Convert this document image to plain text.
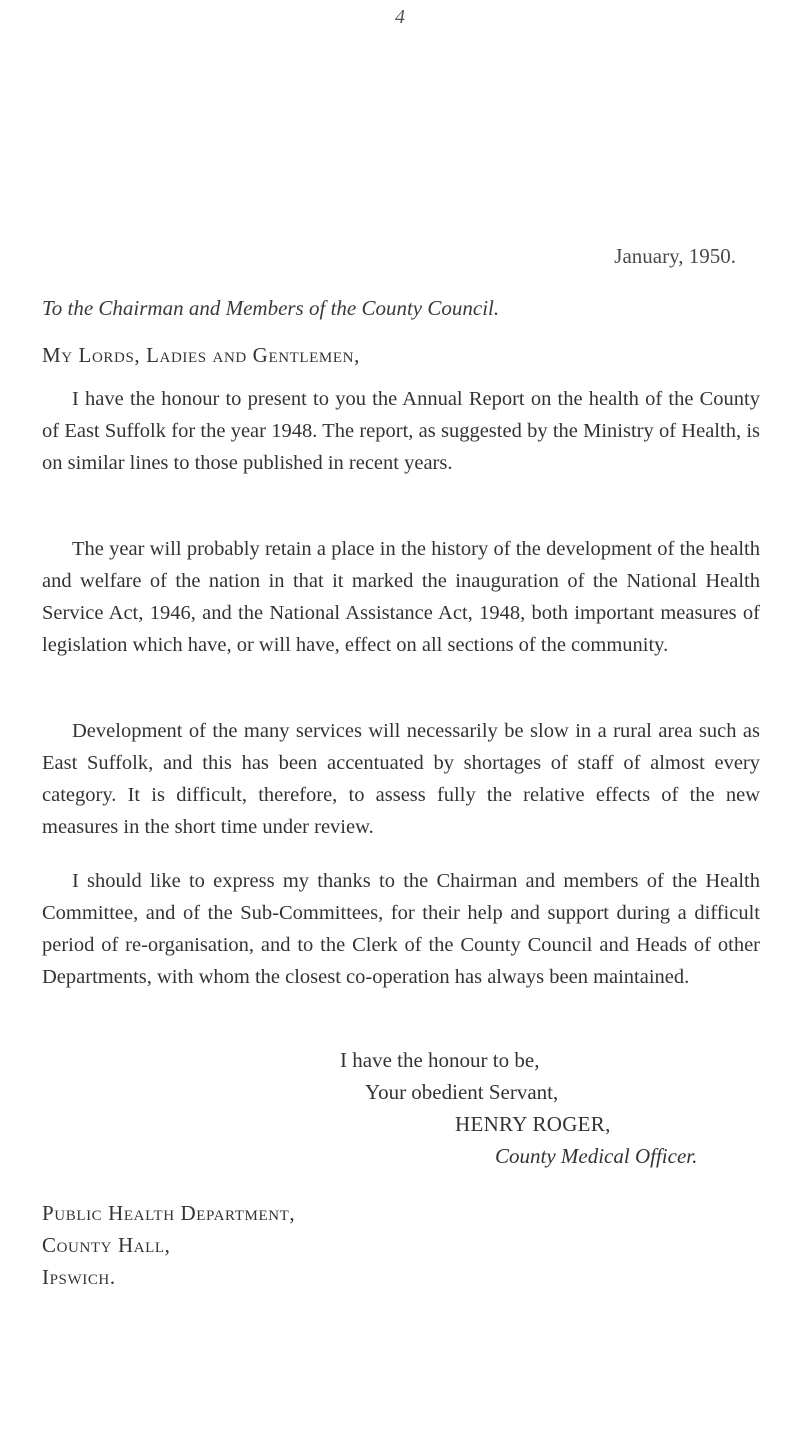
4
January, 1950.
To the Chairman and Members of the County Council.
My Lords, Ladies and Gentlemen,

I have the honour to present to you the Annual Report on the health of the County of East Suffolk for the year 1948. The report, as suggested by the Ministry of Health, is on similar lines to those published in recent years.

The year will probably retain a place in the history of the development of the health and welfare of the nation in that it marked the inauguration of the National Health Service Act, 1946, and the National Assistance Act, 1948, both important measures of legislation which have, or will have, effect on all sections of the community.

Development of the many services will necessarily be slow in a rural area such as East Suffolk, and this has been accentuated by shortages of staff of almost every category. It is difficult, therefore, to assess fully the relative effects of the new measures in the short time under review.

I should like to express my thanks to the Chairman and members of the Health Committee, and of the Sub-Committees, for their help and support during a difficult period of re-organisation, and to the Clerk of the County Council and Heads of other Departments, with whom the closest co-operation has always been maintained.

I have the honour to be,
Your obedient Servant,
HENRY ROGER,
County Medical Officer.
Public Health Department,
County Hall,
Ipswich.
